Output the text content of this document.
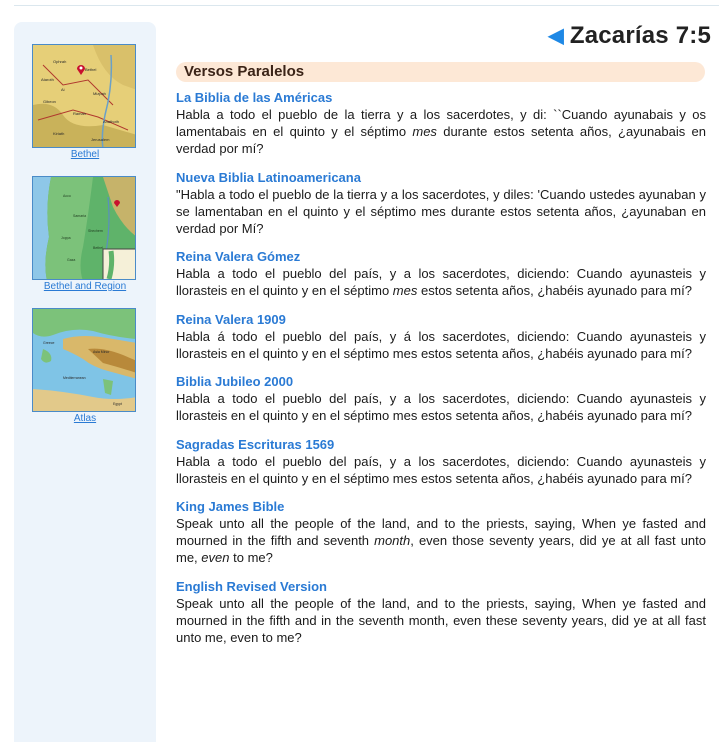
Ophrah
Bethel
Ataroth
Ai
Mizpah
Gibeon
Ramah
Anathoth
Kiriath
Jerusalem
Bethel
Acco
Samaria
Shechem
Joppa
Bethel
Gaza
Bethel and Region
Asia Minor
Greece
Mediterranean
Egypt
Atlas
◀ Zacarías 7:5
Versos Paralelos
La Biblia de las Américas
Habla a todo el pueblo de la tierra y a los sacerdotes, y di: ``Cuando ayunabais y os lamentabais en el quinto y el séptimo mes durante estos setenta años, ¿ayunabais en verdad por mí?
Nueva Biblia Latinoamericana
"Habla a todo el pueblo de la tierra y a los sacerdotes, y diles: 'Cuando ustedes ayunaban y se lamentaban en el quinto y el séptimo mes durante estos setenta años, ¿ayunaban en verdad por Mí?
Reina Valera Gómez
Habla a todo el pueblo del país, y a los sacerdotes, diciendo: Cuando ayunasteis y llorasteis en el quinto y en el séptimo mes estos setenta años, ¿habéis ayunado para mí?
Reina Valera 1909
Habla á todo el pueblo del país, y á los sacerdotes, diciendo: Cuando ayunasteis y llorasteis en el quinto y en el séptimo mes estos setenta años, ¿habéis ayunado para mí?
Biblia Jubileo 2000
Habla a todo el pueblo del país, y a los sacerdotes, diciendo: Cuando ayunasteis y llorasteis en el quinto y en el séptimo mes estos setenta años, ¿habéis ayunado para mí?
Sagradas Escrituras 1569
Habla a todo el pueblo del país, y a los sacerdotes, diciendo: Cuando ayunasteis y llorasteis en el quinto y en el séptimo mes estos setenta años, ¿habéis ayunado para mí?
King James Bible
Speak unto all the people of the land, and to the priests, saying, When ye fasted and mourned in the fifth and seventh month, even those seventy years, did ye at all fast unto me, even to me?
English Revised Version
Speak unto all the people of the land, and to the priests, saying, When ye fasted and mourned in the fifth and in the seventh month, even these seventy years, did ye at all fast unto me, even to me?
